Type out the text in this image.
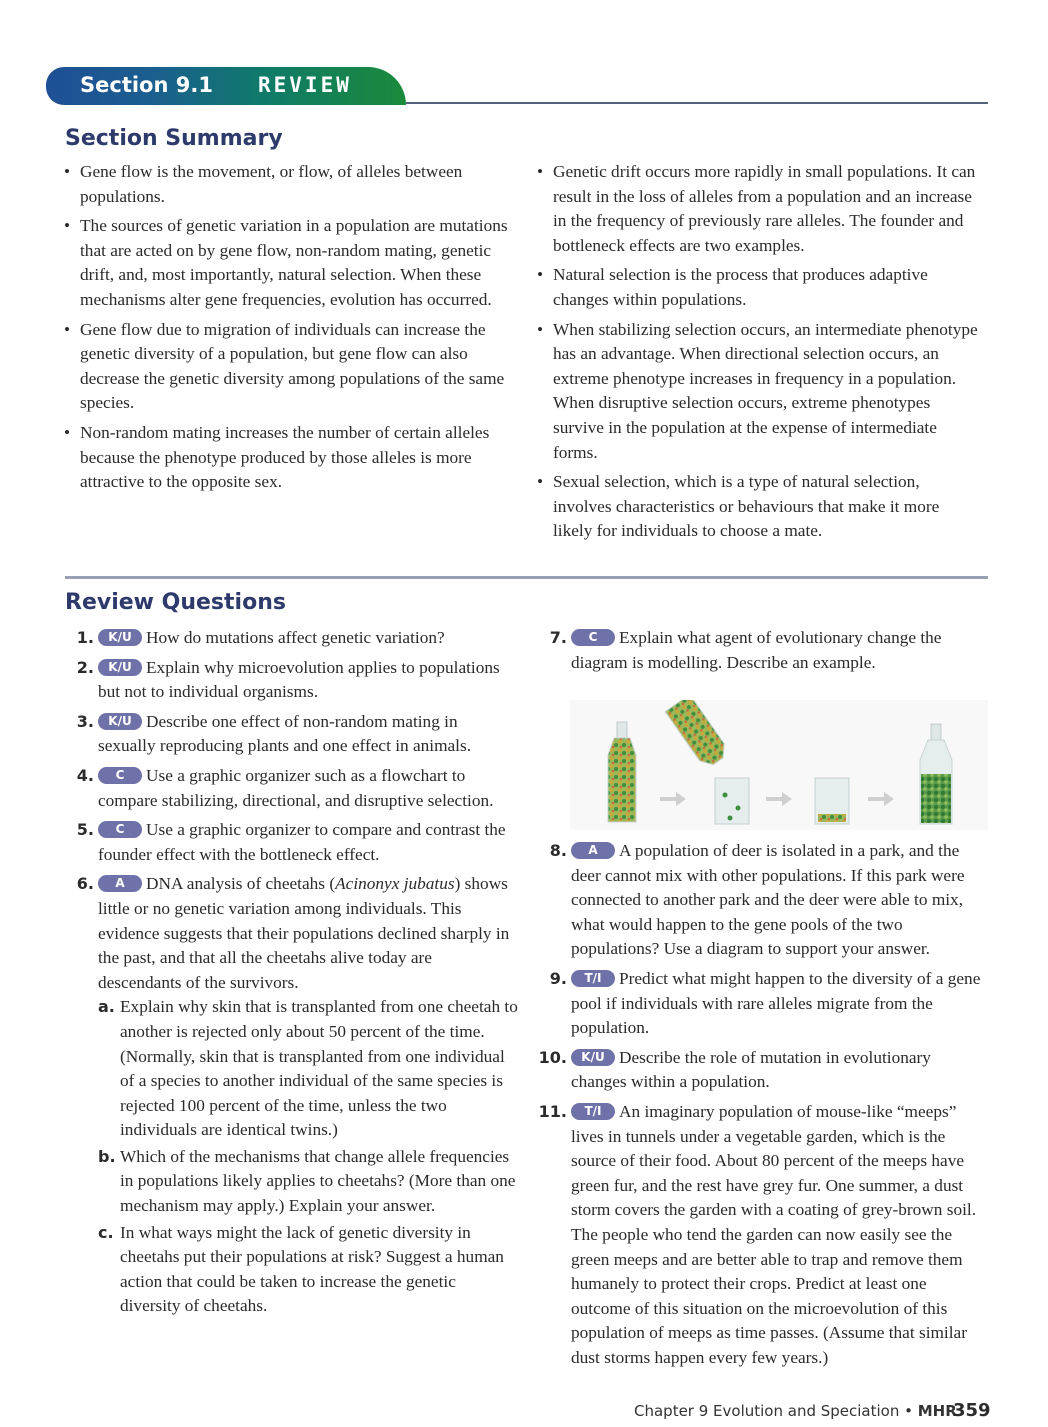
Section 9.1 REVIEW
Section Summary
• Gene flow is the movement, or flow, of alleles between populations.
• The sources of genetic variation in a population are mutations that are acted on by gene flow, non-random mating, genetic drift, and, most importantly, natural selection. When these mechanisms alter gene frequencies, evolution has occurred.
• Gene flow due to migration of individuals can increase the genetic diversity of a population, but gene flow can also decrease the genetic diversity among populations of the same species.
• Non-random mating increases the number of certain alleles because the phenotype produced by those alleles is more attractive to the opposite sex.
• Genetic drift occurs more rapidly in small populations. It can result in the loss of alleles from a population and an increase in the frequency of previously rare alleles. The founder and bottleneck effects are two examples.
• Natural selection is the process that produces adaptive changes within populations.
• When stabilizing selection occurs, an intermediate phenotype has an advantage. When directional selection occurs, an extreme phenotype increases in frequency in a population. When disruptive selection occurs, extreme phenotypes survive in the population at the expense of intermediate forms.
• Sexual selection, which is a type of natural selection, involves characteristics or behaviours that make it more likely for individuals to choose a mate.
Review Questions
1. K/U How do mutations affect genetic variation?
2. K/U Explain why microevolution applies to populations but not to individual organisms.
3. K/U Describe one effect of non-random mating in sexually reproducing plants and one effect in animals.
4. C Use a graphic organizer such as a flowchart to compare stabilizing, directional, and disruptive selection.
5. C Use a graphic organizer to compare and contrast the founder effect with the bottleneck effect.
6. A DNA analysis of cheetahs (Acinonyx jubatus) shows little or no genetic variation among individuals. This evidence suggests that their populations declined sharply in the past, and that all the cheetahs alive today are descendants of the survivors.
a. Explain why skin that is transplanted from one cheetah to another is rejected only about 50 percent of the time. (Normally, skin that is transplanted from one individual of a species to another individual of the same species is rejected 100 percent of the time, unless the two individuals are identical twins.)
b. Which of the mechanisms that change allele frequencies in populations likely applies to cheetahs? (More than one mechanism may apply.) Explain your answer.
c. In what ways might the lack of genetic diversity in cheetahs put their populations at risk? Suggest a human action that could be taken to increase the genetic diversity of cheetahs.
7. C Explain what agent of evolutionary change the diagram is modelling. Describe an example.
8. A A population of deer is isolated in a park, and the deer cannot mix with other populations. If this park were connected to another park and the deer were able to mix, what would happen to the gene pools of the two populations? Use a diagram to support your answer.
9. T/I Predict what might happen to the diversity of a gene pool if individuals with rare alleles migrate from the population.
10. K/U Describe the role of mutation in evolutionary changes within a population.
11. T/I An imaginary population of mouse-like “meeps” lives in tunnels under a vegetable garden, which is the source of their food. About 80 percent of the meeps have green fur, and the rest have grey fur. One summer, a dust storm covers the garden with a coating of grey-brown soil. The people who tend the garden can now easily see the green meeps and are better able to trap and remove them humanely to protect their crops. Predict at least one outcome of this situation on the microevolution of this population of meeps as time passes. (Assume that similar dust storms happen every few years.)
Chapter 9 Evolution and Speciation • MHR
359
